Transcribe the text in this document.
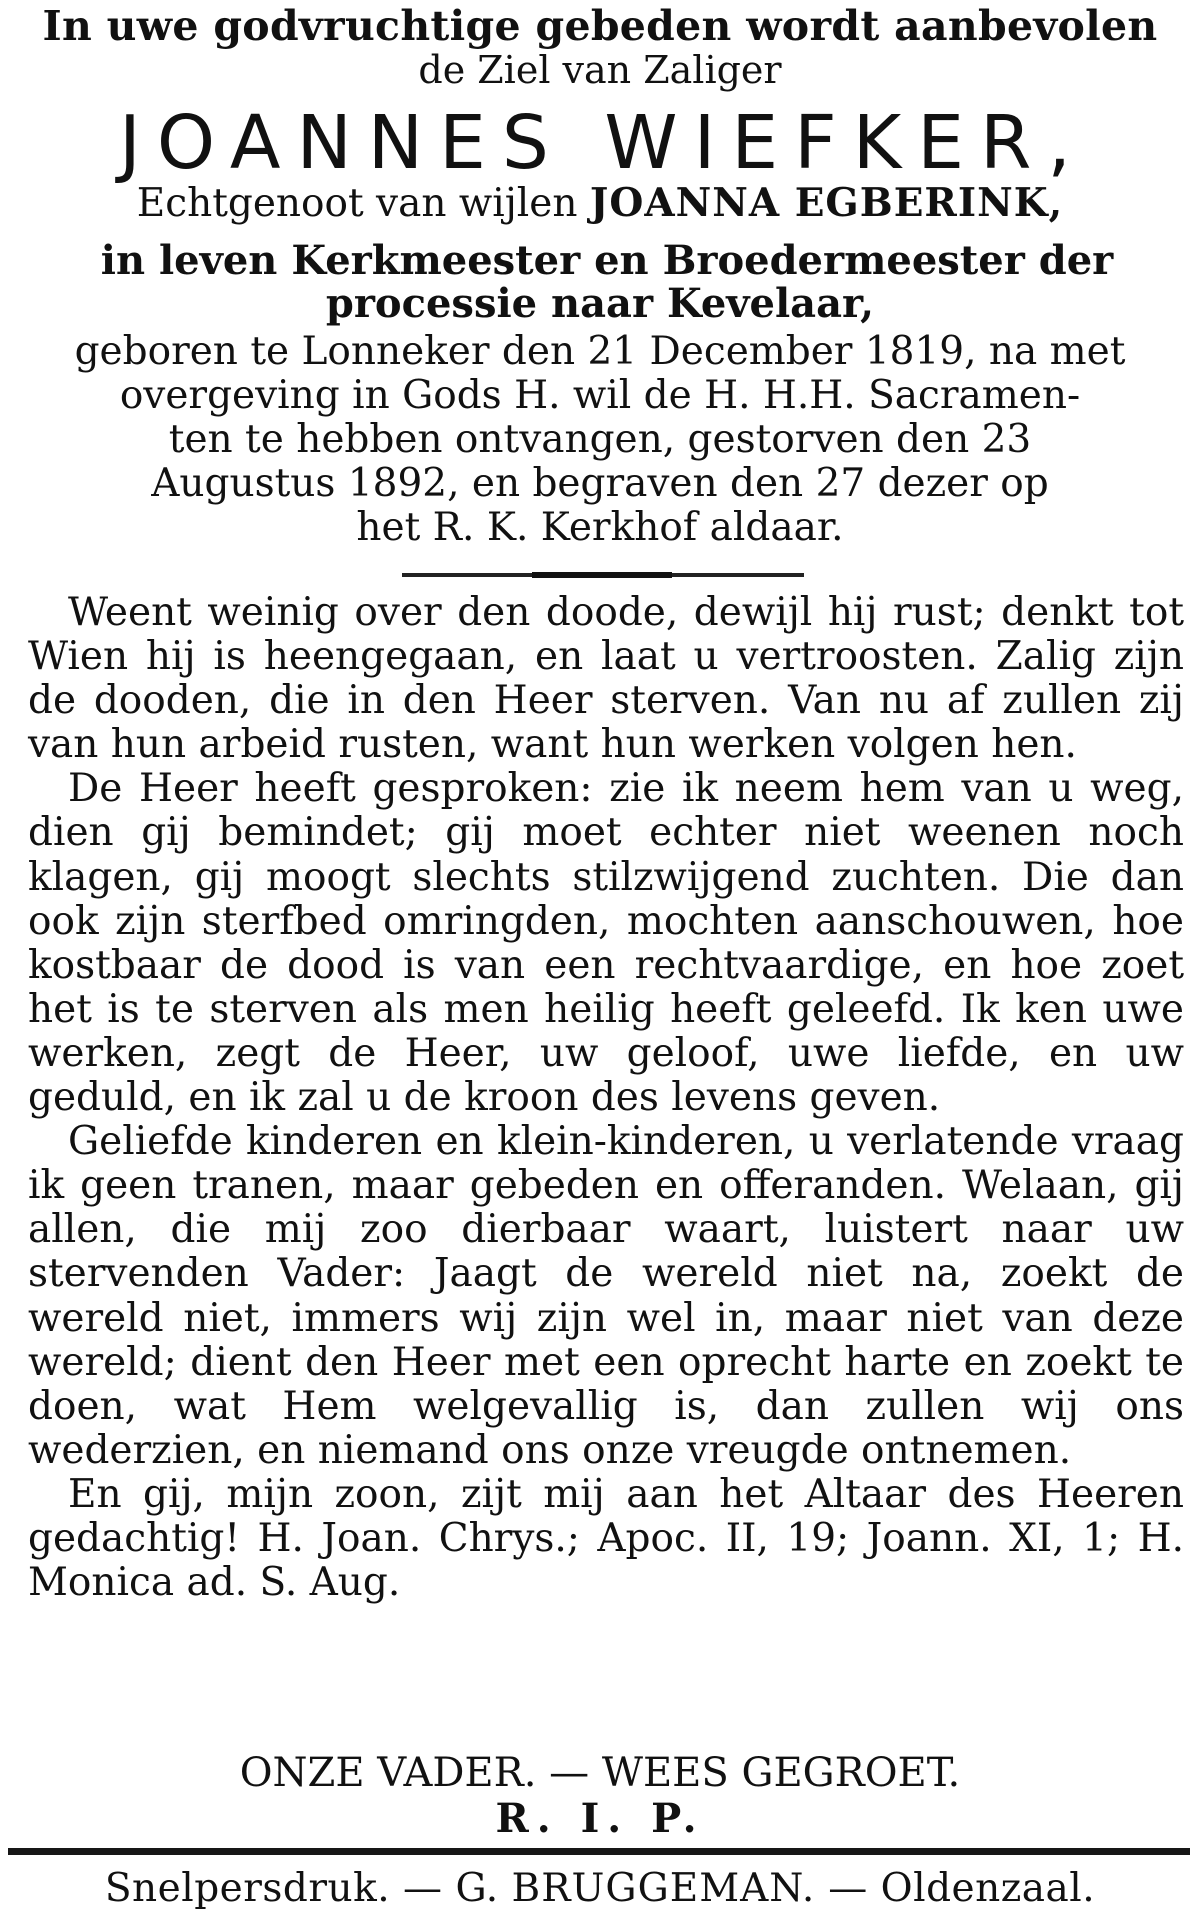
In uwe godvruchtige gebeden wordt aanbevolen
de Ziel van Zaliger
JOANNES WIEFKER,
Echtgenoot van wijlen JOANNA EGBERINK,
in leven Kerkmeester en Broedermeester der
processie naar Kevelaar,
geboren te Lonneker den 21 December 1819, na met
overgeving in Gods H. wil de H. H.H. Sacramen-
ten te hebben ontvangen, gestorven den 23
Augustus 1892, en begraven den 27 dezer op
het R. K. Kerkhof aldaar.

Weent weinig over den doode, dewijl hij rust; denkt tot Wien hij is heengegaan, en laat u vertroosten. Zalig zijn de dooden, die in den Heer sterven. Van nu af zullen zij van hun arbeid rusten, want hun werken volgen hen.

De Heer heeft gesproken: zie ik neem hem van u weg, dien gij bemindet; gij moet echter niet weenen noch klagen, gij moogt slechts stilzwijgend zuchten. Die dan ook zijn sterfbed omringden, mochten aanschouwen, hoe kostbaar de dood is van een rechtvaardige, en hoe zoet het is te sterven als men heilig heeft geleefd. Ik ken uwe werken, zegt de Heer, uw geloof, uwe liefde, en uw geduld, en ik zal u de kroon des levens geven.

Geliefde kinderen en klein-kinderen, u verlatende vraag ik geen tranen, maar gebeden en offeranden. Welaan, gij allen, die mij zoo dierbaar waart, luistert naar uw stervenden Vader: Jaagt de wereld niet na, zoekt de wereld niet, immers wij zijn wel in, maar niet van deze wereld; dient den Heer met een oprecht harte en zoekt te doen, wat Hem welgevallig is, dan zullen wij ons wederzien, en niemand ons onze vreugde ontnemen.

En gij, mijn zoon, zijt mij aan het Altaar des Heeren gedachtig! H. Joan. Chrys.; Apoc. II, 19; Joann. XI, 1; H. Monica ad. S. Aug.

ONZE VADER. — WEES GEGROET.
R. I. P.
Snelpersdruk. — G. BRUGGEMAN. — Oldenzaal.
